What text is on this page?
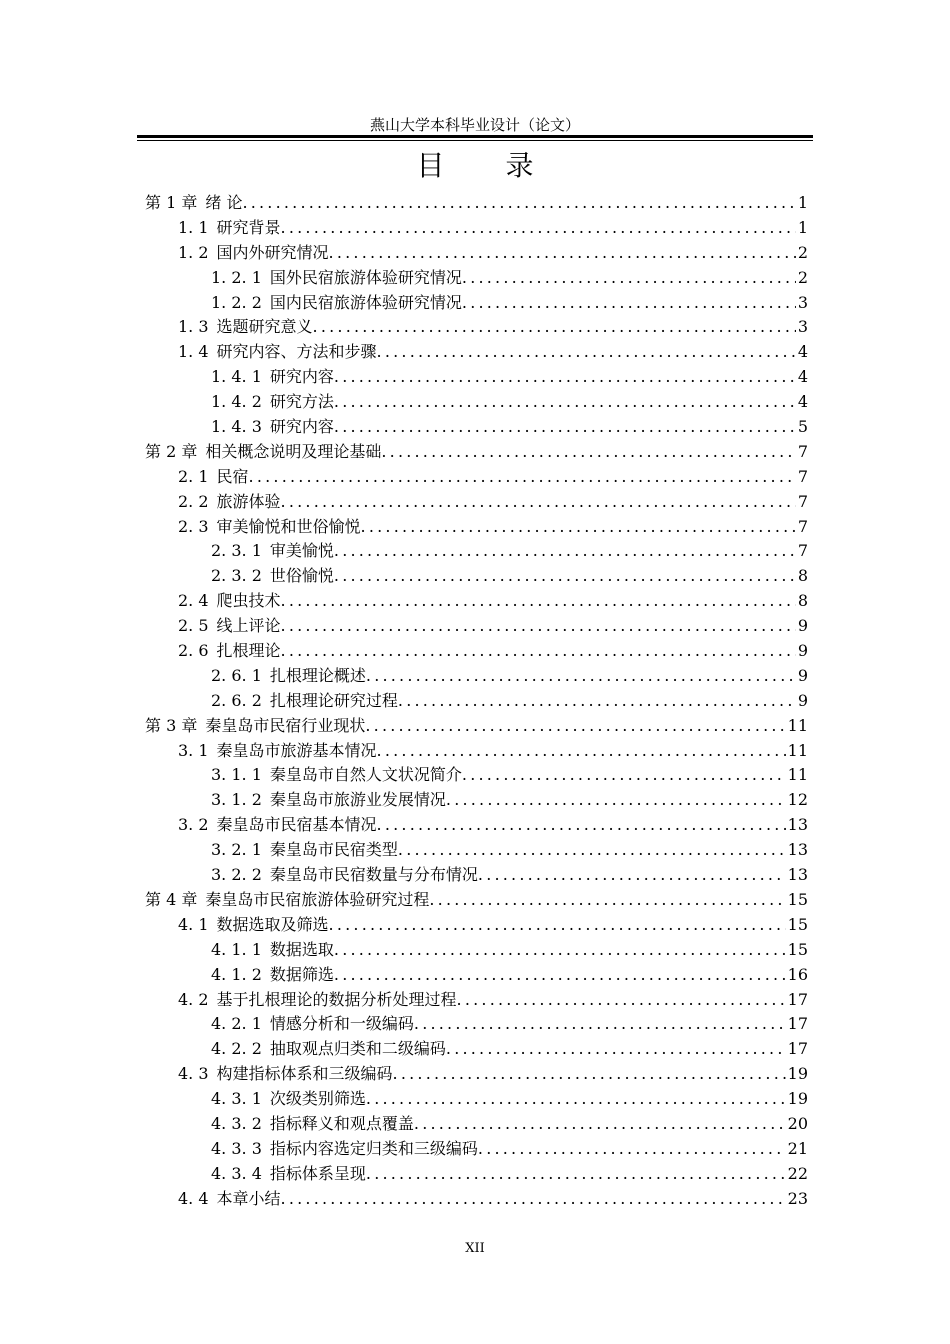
燕山大学本科毕业设计（论文）
目 录
第 1 章 绪 论 .....	1
1. 1 研究背景 .....	1
1. 2 国内外研究情况 .....	2
1. 2. 1 国外民宿旅游体验研究情况 .....	2
1. 2. 2 国内民宿旅游体验研究情况 .....	3
1. 3 选题研究意义 .....	3
1. 4 研究内容、方法和步骤 .....	4
1. 4. 1 研究内容 .....	4
1. 4. 2 研究方法 .....	4
1. 4. 3 研究内容 .....	5
第 2 章 相关概念说明及理论基础 .....	7
2. 1 民宿 .....	7
2. 2 旅游体验 .....	7
2. 3 审美愉悦和世俗愉悦 .....	7
2. 3. 1 审美愉悦 .....	7
2. 3. 2 世俗愉悦 .....	8
2. 4 爬虫技术 .....	8
2. 5 线上评论 .....	9
2. 6 扎根理论 .....	9
2. 6. 1 扎根理论概述 .....	9
2. 6. 2 扎根理论研究过程 .....	9
第 3 章 秦皇岛市民宿行业现状 .....	11
3. 1 秦皇岛市旅游基本情况 .....	11
3. 1. 1 秦皇岛市自然人文状况简介 .....	11
3. 1. 2 秦皇岛市旅游业发展情况 .....	12
3. 2 秦皇岛市民宿基本情况 .....	13
3. 2. 1 秦皇岛市民宿类型 .....	13
3. 2. 2 秦皇岛市民宿数量与分布情况 .....	13
第 4 章 秦皇岛市民宿旅游体验研究过程 .....	15
4. 1 数据选取及筛选 .....	15
4. 1. 1 数据选取 .....	15
4. 1. 2 数据筛选 .....	16
4. 2 基于扎根理论的数据分析处理过程 .....	17
4. 2. 1 情感分析和一级编码 .....	17
4. 2. 2 抽取观点归类和二级编码 .....	17
4. 3 构建指标体系和三级编码 .....	19
4. 3. 1 次级类别筛选 .....	19
4. 3. 2 指标释义和观点覆盖 .....	20
4. 3. 3 指标内容选定归类和三级编码 .....	21
4. 3. 4 指标体系呈现 .....	22
4. 4 本章小结 .....	23
XII
